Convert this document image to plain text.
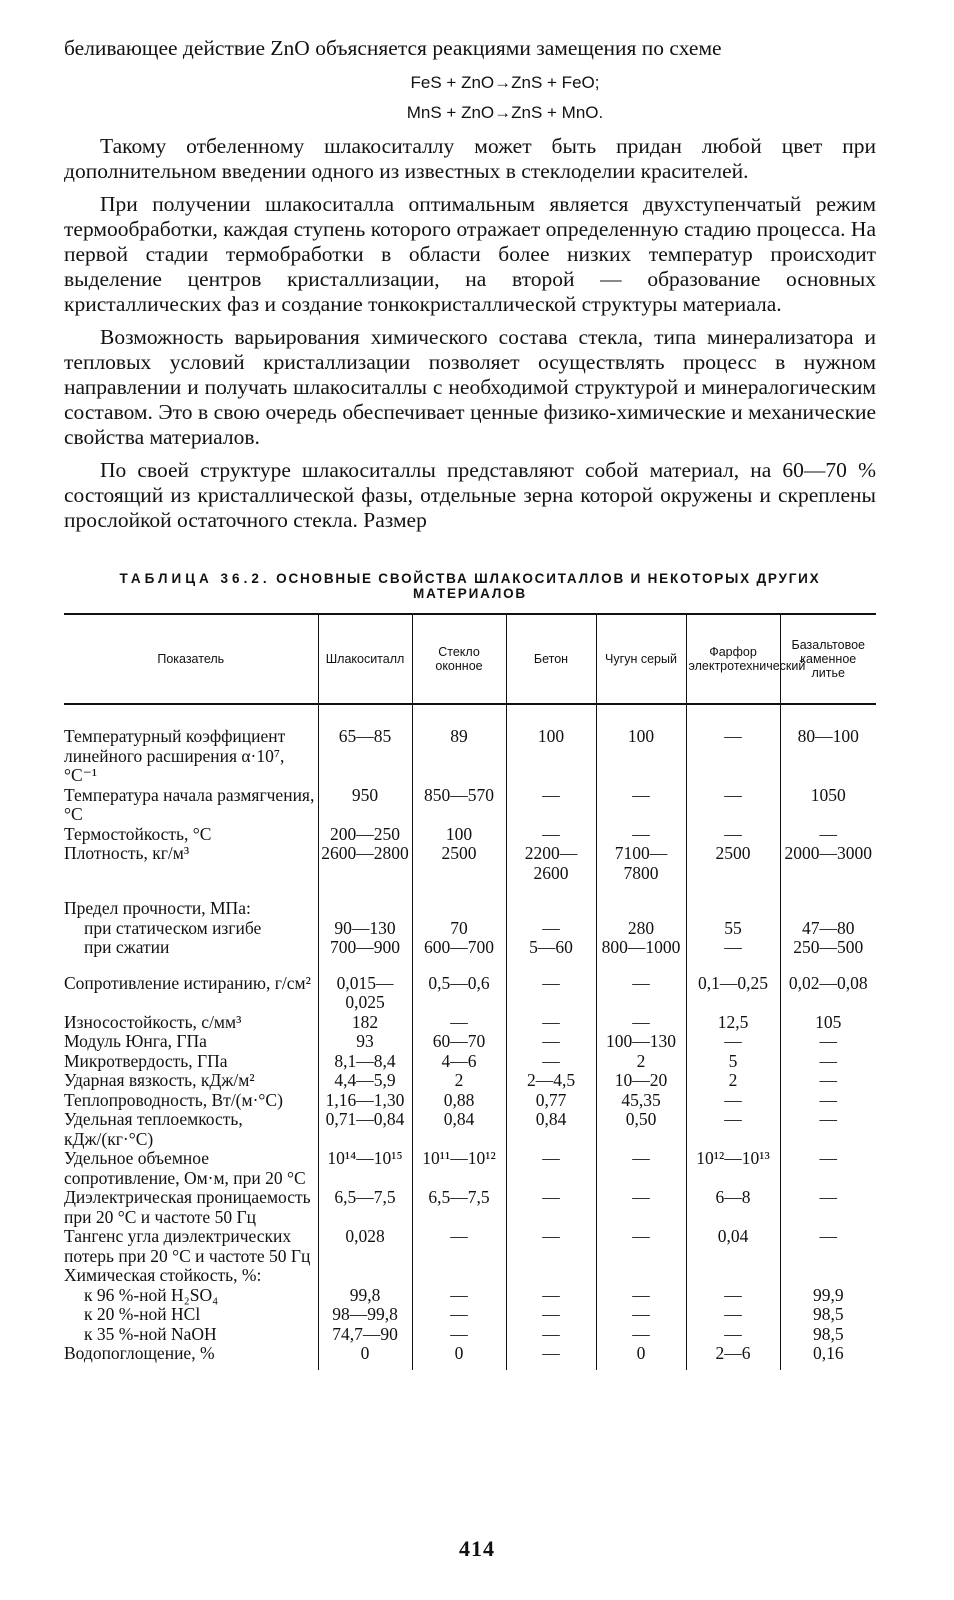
беливающее действие ZnO объясняется реакциями замещения по схеме

FeS + ZnO→ZnS + FeO;
MnS + ZnO→ZnS + MnO.

Такому отбеленному шлакоситаллу может быть придан любой цвет при дополнительном введении одного из известных в стеклоделии красителей.

При получении шлакоситалла оптимальным является двухступенчатый режим термообработки, каждая ступень которого отражает определенную стадию процесса. На первой стадии термобработки в области более низких температур происходит выделение центров кристаллизации, на второй — образование основных кристаллических фаз и создание тонкокристаллической структуры материала.

Возможность варьирования химического состава стекла, типа минерализатора и тепловых условий кристаллизации позволяет осуществлять процесс в нужном направлении и получать шлакоситаллы с необходимой структурой и минералогическим составом. Это в свою очередь обеспечивает ценные физико-химические и механические свойства материалов.

По своей структуре шлакоситаллы представляют собой материал, на 60—70 % состоящий из кристаллической фазы, отдельные зерна которой окружены и скреплены прослойкой остаточного стекла. Размер

ТАБЛИЦА 36.2. ОСНОВНЫЕ СВОЙСТВА ШЛАКОСИТАЛЛОВ И НЕКОТОРЫХ ДРУГИХ МАТЕРИАЛОВ
Показатель	Шлакоситалл	Стекло оконное	Бетон	Чугун серый	Фарфор электротехнический	Базальтовое каменное литье
Температурный коэффициент линейного расширения α·10⁷, °C⁻¹	65—85	89	100	100	—	80—100
Температура начала размягчения, °C	950	850—570	—	—	—	1050
Термостойкость, °C	200—250	100	—	—	—	—
Плотность, кг/м³	2600—2800	2500	2200—2600	7100—7800	2500	2000—3000

Предел прочности, МПа:						
при статическом изгибе	90—130	70	—	280	55	47—80
при сжатии	700—900	600—700	5—60	800—1000	—	250—500

Сопротивление истиранию, г/см²	0,015—0,025	0,5—0,6	—	—	0,1—0,25	0,02—0,08
Износостойкость, с/мм³	182	—	—	—	12,5	105
Модуль Юнга, ГПа	93	60—70	—	100—130	—	—
Микротвердость, ГПа	8,1—8,4	4—6	—	2	5	—
Ударная вязкость, кДж/м²	4,4—5,9	2	2—4,5	10—20	2	—
Теплопроводность, Вт/(м·°C)	1,16—1,30	0,88	0,77	45,35	—	—
Удельная теплоемкость, кДж/(кг·°C)	0,71—0,84	0,84	0,84	0,50	—	—
Удельное объемное сопротивление, Ом·м, при 20 °C	10¹⁴—10¹⁵	10¹¹—10¹²	—	—	10¹²—10¹³	—
Диэлектрическая проницаемость при 20 °C и частоте 50 Гц	6,5—7,5	6,5—7,5	—	—	6—8	—
Тангенс угла диэлектрических потерь при 20 °C и частоте 50 Гц	0,028	—	—	—	0,04	—
Химическая стойкость, %:						
к 96 %-ной H₂SO₄	99,8	—	—	—	—	99,9
к 20 %-ной HCl	98—99,8	—	—	—	—	98,5
к 35 %-ной NaOH	74,7—90	—	—	—	—	98,5
Водопоглощение, %	0	0	—	0	2—6	0,16
414
